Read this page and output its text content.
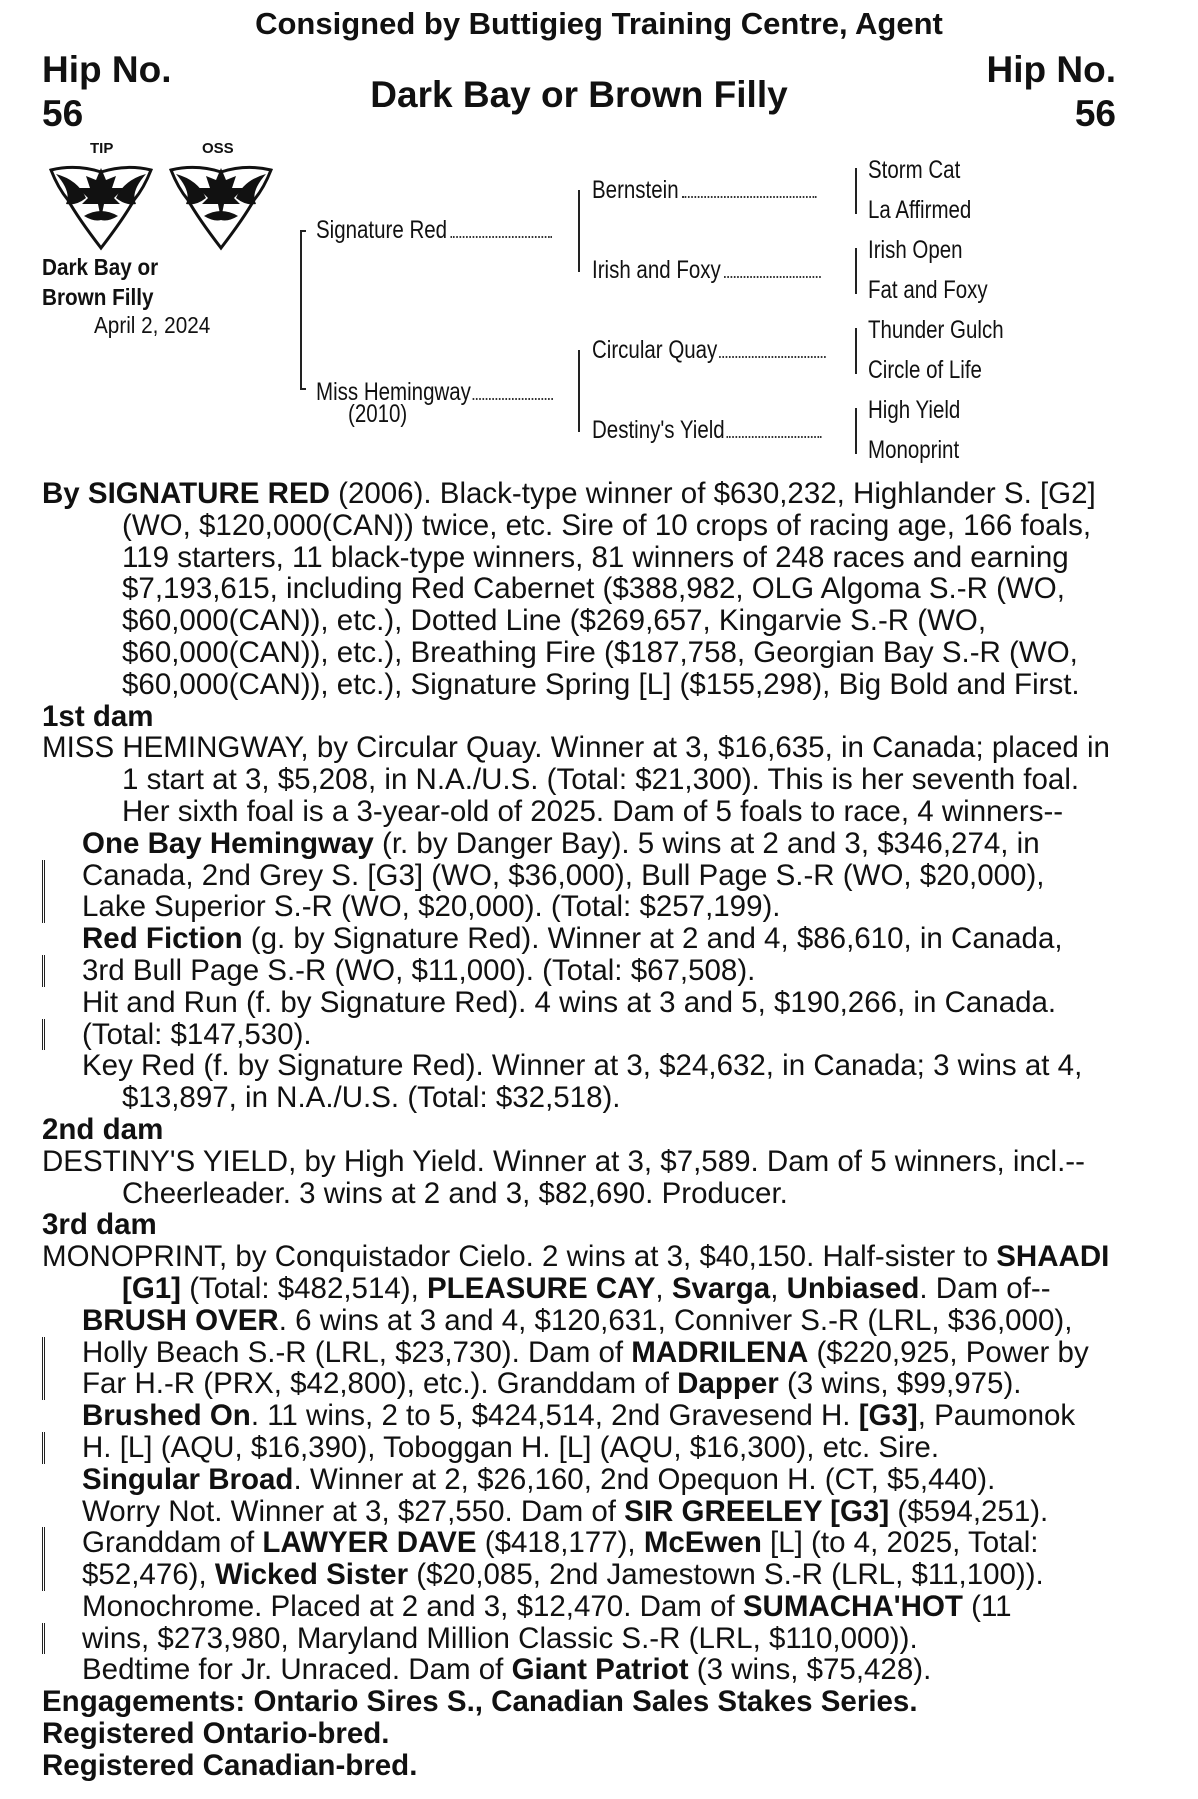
Consigned by Buttigieg Training Centre, Agent
Hip No.
56
Hip No.
56
Dark Bay or Brown Filly
TIP	OSS
Dark Bay or
Brown Filly
April 2, 2024
Signature Red
Miss Hemingway
(2010)
Bernstein
Irish and Foxy
Circular Quay
Destiny's Yield
Storm Cat
La Affirmed
Irish Open
Fat and Foxy
Thunder Gulch
Circle of Life
High Yield
Monoprint

By SIGNATURE RED (2006). Black-type winner of $630,232, Highlander S. [G2] (WO, $120,000(CAN)) twice, etc. Sire of 10 crops of racing age, 166 foals, 119 starters, 11 black-type winners, 81 winners of 248 races and earning $7,193,615, including Red Cabernet ($388,982, OLG Algoma S.-R (WO, $60,000(CAN)), etc.), Dotted Line ($269,657, Kingarvie S.-R (WO, $60,000(CAN)), etc.), Breathing Fire ($187,758, Georgian Bay S.-R (WO, $60,000(CAN)), etc.), Signature Spring [L] ($155,298), Big Bold and First.

1st dam

MISS HEMINGWAY, by Circular Quay. Winner at 3, $16,635, in Canada; placed in 1 start at 3, $5,208, in N.A./U.S. (Total: $21,300). This is her seventh foal. Her sixth foal is a 3-year-old of 2025. Dam of 5 foals to race, 4 winners--

One Bay Hemingway (r. by Danger Bay). 5 wins at 2 and 3, $346,274, in

Canada, 2nd Grey S. [G3] (WO, $36,000), Bull Page S.-R (WO, $20,000), Lake Superior S.-R (WO, $20,000). (Total: $257,199).

Red Fiction (g. by Signature Red). Winner at 2 and 4, $86,610, in Canada,

3rd Bull Page S.-R (WO, $11,000). (Total: $67,508).

Hit and Run (f. by Signature Red). 4 wins at 3 and 5, $190,266, in Canada.

(Total: $147,530).

Key Red (f. by Signature Red). Winner at 3, $24,632, in Canada; 3 wins at 4, $13,897, in N.A./U.S. (Total: $32,518).

2nd dam

DESTINY'S YIELD, by High Yield. Winner at 3, $7,589. Dam of 5 winners, incl.-- Cheerleader. 3 wins at 2 and 3, $82,690. Producer.

3rd dam

MONOPRINT, by Conquistador Cielo. 2 wins at 3, $40,150. Half-sister to SHAADI [G1] (Total: $482,514), PLEASURE CAY, Svarga, Unbiased. Dam of--

BRUSH OVER. 6 wins at 3 and 4, $120,631, Conniver S.-R (LRL, $36,000),

Holly Beach S.-R (LRL, $23,730). Dam of MADRILENA ($220,925, Power by Far H.-R (PRX, $42,800), etc.). Granddam of Dapper (3 wins, $99,975).

Brushed On. 11 wins, 2 to 5, $424,514, 2nd Gravesend H. [G3], Paumonok

H. [L] (AQU, $16,390), Toboggan H. [L] (AQU, $16,300), etc. Sire.

Singular Broad. Winner at 2, $26,160, 2nd Opequon H. (CT, $5,440).

Worry Not. Winner at 3, $27,550. Dam of SIR GREELEY [G3] ($594,251).

Granddam of LAWYER DAVE ($418,177), McEwen [L] (to 4, 2025, Total: $52,476), Wicked Sister ($20,085, 2nd Jamestown S.-R (LRL, $11,100)).

Monochrome. Placed at 2 and 3, $12,470. Dam of SUMACHA'HOT (11

wins, $273,980, Maryland Million Classic S.-R (LRL, $110,000)).

Bedtime for Jr. Unraced. Dam of Giant Patriot (3 wins, $75,428).

Engagements: Ontario Sires S., Canadian Sales Stakes Series.

Registered Ontario-bred.

Registered Canadian-bred.
